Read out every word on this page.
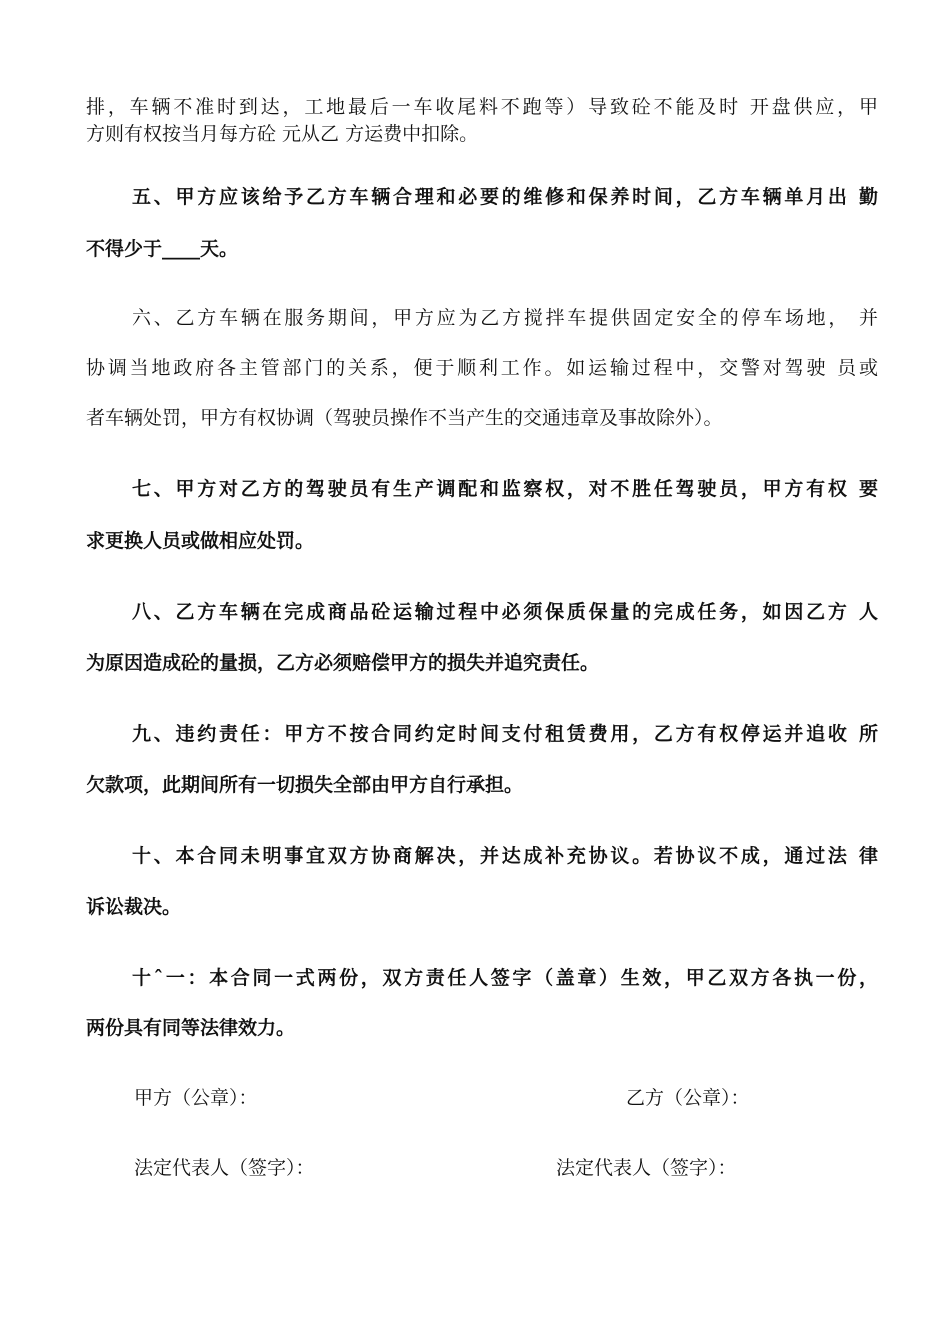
排，车辆不准时到达，工地最后一车收尾料不跑等）导致砼不能及时 开盘供应，甲
方则有权按当月每方砼 元从乙 方运费中扣除。
五、甲方应该给予乙方车辆合理和必要的维修和保养时间，乙方车辆单月出 勤
不得少于____天。
六、乙方车辆在服务期间，甲方应为乙方搅拌车提供固定安全的停车场地， 并
协调当地政府各主管部门的关系，便于顺利工作。如运输过程中，交警对驾驶 员或
者车辆处罚，甲方有权协调（驾驶员操作不当产生的交通违章及事故除外）。
七、甲方对乙方的驾驶员有生产调配和监察权，对不胜任驾驶员，甲方有权 要
求更换人员或做相应处罚。
八、乙方车辆在完成商品砼运输过程中必须保质保量的完成任务，如因乙方 人
为原因造成砼的量损，乙方必须赔偿甲方的损失并追究责任。
九、违约责任：甲方不按合同约定时间支付租赁费用，乙方有权停运并追收 所
欠款项，此期间所有一切损失全部由甲方自行承担。
十、本合同未明事宜双方协商解决，并达成补充协议。若协议不成，通过法 律
诉讼裁决。
十ˆ一：本合同一式两份，双方责任人签字（盖章）生效，甲乙双方各执一份，
两份具有同等法律效力。
甲方（公章）：	乙方（公章）：
法定代表人（签字）：	法定代表人（签字）：
